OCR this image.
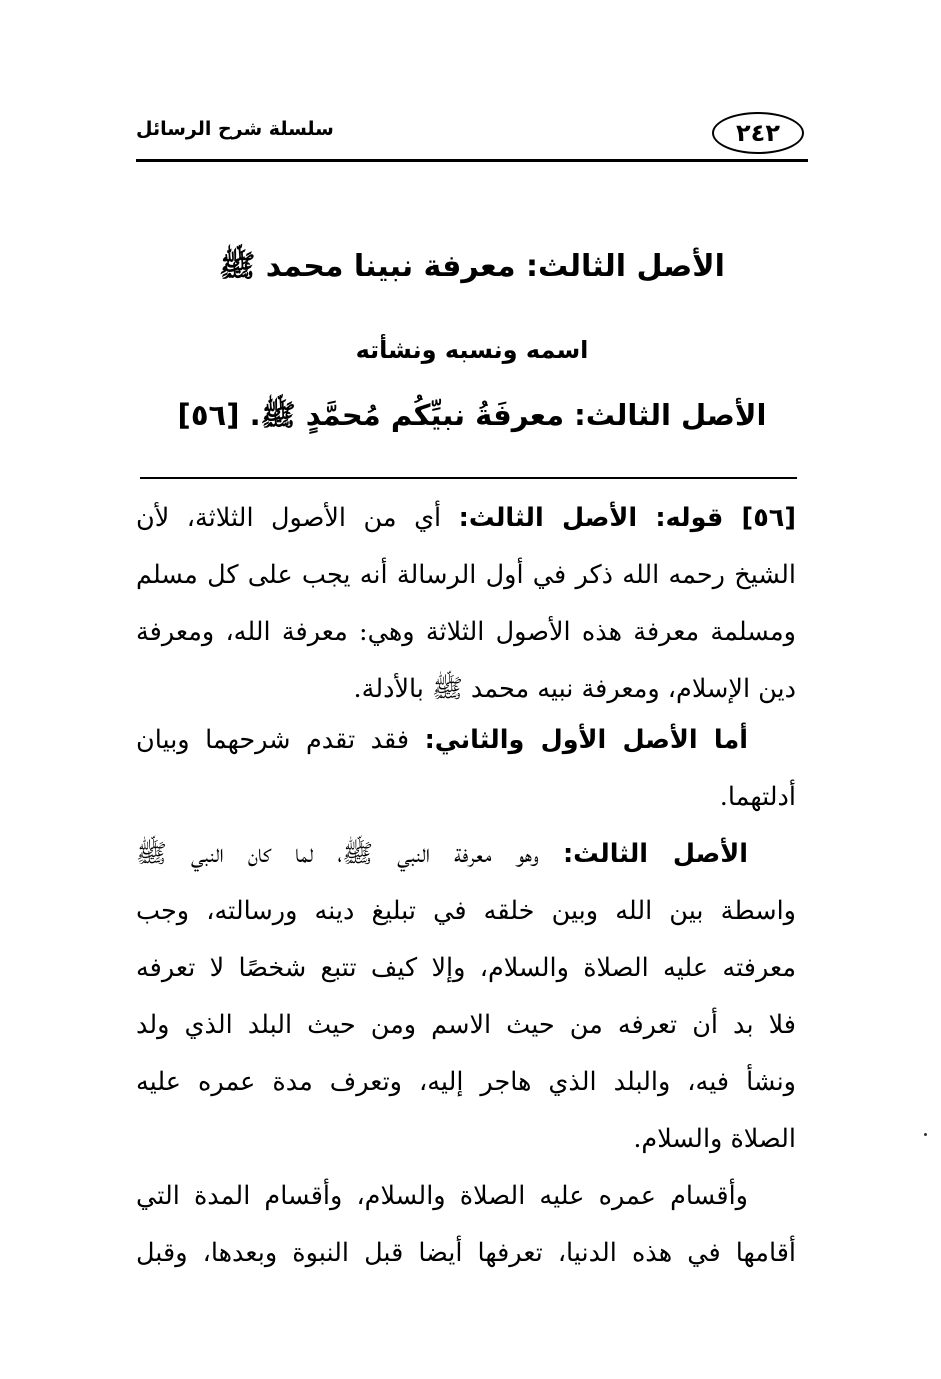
٢٤٢
سلسلة شرح الرسائل
الأصل الثالث: معرفة نبينا محمد ﷺ
اسمه ونسبه ونشأته
الأصل الثالث: معرفَةُ نبيِّكُم مُحمَّدٍ ﷺ. [٥٦]
[٥٦] قوله: الأصل الثالث: أي من الأصول الثلاثة، لأن
الشيخ رحمه الله ذكر في أول الرسالة أنه يجب على كل مسلم
ومسلمة معرفة هذه الأصول الثلاثة وهي: معرفة الله، ومعرفة
دين الإسلام، ومعرفة نبيه محمد ﷺ بالأدلة.
أما الأصل الأول والثاني: فقد تقدم شرحهما وبيان
أدلتهما.
الأصل الثالث: وهو معرفة النبي ﷺ، لما كان النبي ﷺ
واسطة بين الله وبين خلقه في تبليغ دينه ورسالته، وجب
معرفته عليه الصلاة والسلام، وإلا كيف تتبع شخصًا لا تعرفه
فلا بد أن تعرفه من حيث الاسم ومن حيث البلد الذي ولد
ونشأ فيه، والبلد الذي هاجر إليه، وتعرف مدة عمره عليه
الصلاة والسلام.
وأقسام عمره عليه الصلاة والسلام، وأقسام المدة التي
أقامها في هذه الدنيا، تعرفها أيضا قبل النبوة وبعدها، وقبل
